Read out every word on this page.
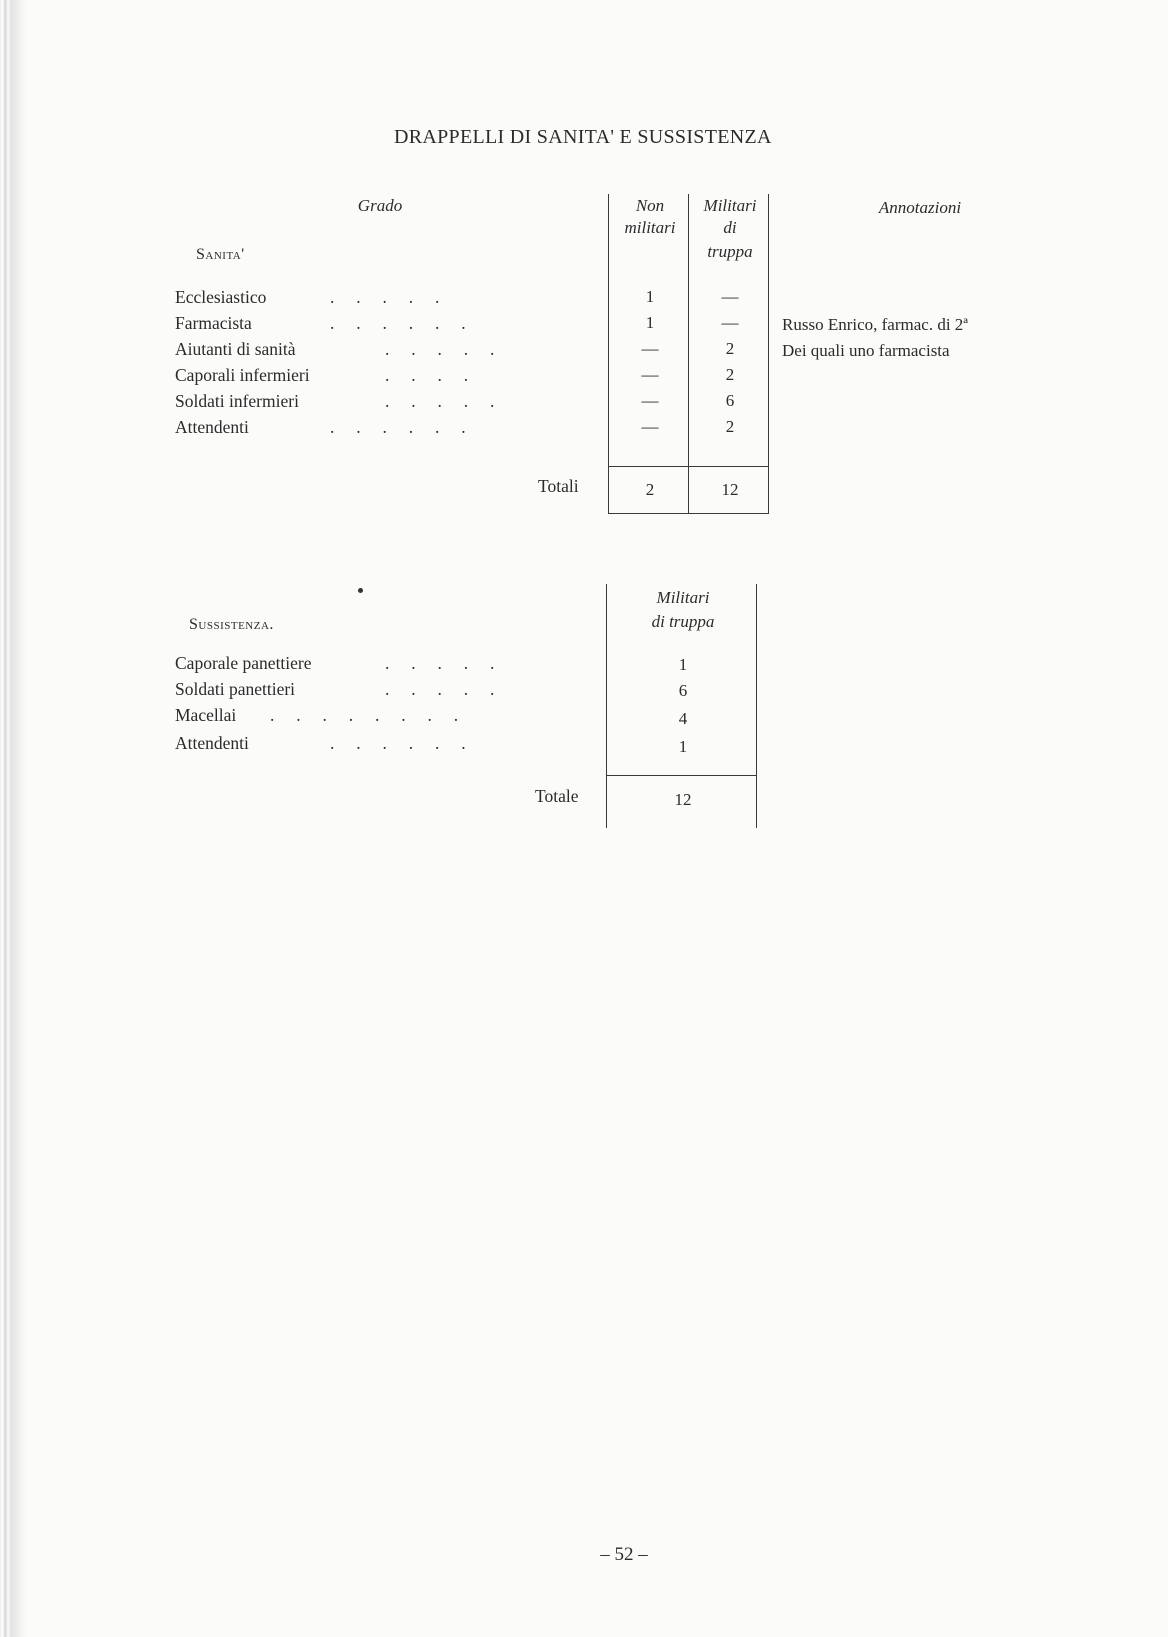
DRAPPELLI DI SANITA' E SUSSISTENZA
Grado
Sanita'
Non
militari
Militari
di
truppa
Annotazioni
Ecclesiastico	.     .     .     .     .	1	—
Farmacista	.     .     .     .     .     .	1	—	Russo Enrico, farmac. di 2ª
Aiutanti di sanità	.     .     .     .     .	—	2	Dei quali uno farmacista
Caporali infermieri	.     .     .     .	—	2
Soldati infermieri	.     .     .     .     .	—	6
Attendenti	.     .     .     .     .     .	—	2
Totali	2	12
Sussistenza.
Militari
di truppa
Caporale panettiere	.     .     .     .     .	1
Soldati panettieri	.     .     .     .     .	6
Macellai .     .     .     .     .     .     .     .	4
Attendenti	.     .     .     .     .     .	1
Totale	12
– 52 –
